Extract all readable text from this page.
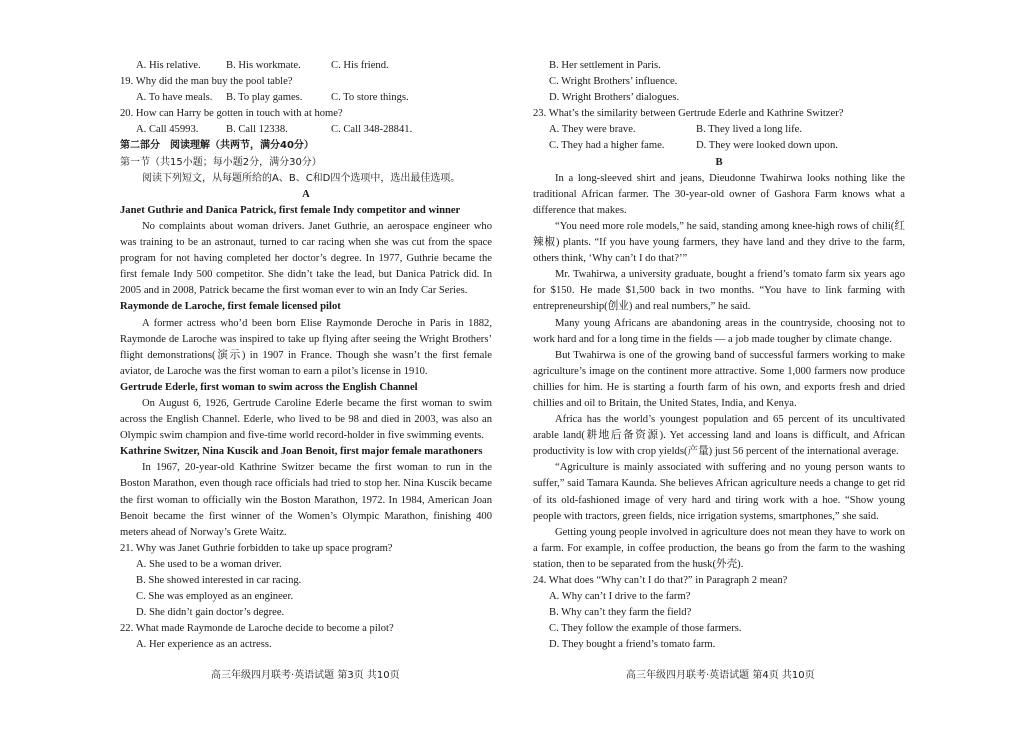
A. His relative.	B. His workmate.	C. His friend.
19. Why did the man buy the pool table?
A. To have meals.	B. To play games.	C. To store things.
20. How can Harry be gotten in touch with at home?
A. Call 45993.	B. Call 12338.	C. Call 348-28841.
第二部分　阅读理解（共两节，满分40分）
第一节（共15小题；每小题2分，满分30分）
阅读下列短文，从每题所给的A、B、C和D四个选项中，选出最佳选项。
A
Janet Guthrie and Danica Patrick, first female Indy competitor and winner

No complaints about woman drivers. Janet Guthrie, an aerospace engineer who was training to be an astronaut, turned to car racing when she was cut from the space program for not having completed her doctor’s degree. In 1977, Guthrie became the first female Indy 500 competitor. She didn’t take the lead, but Danica Patrick did. In 2005 and in 2008, Patrick became the first woman ever to win an Indy Car Series.

Raymonde de Laroche, first female licensed pilot

A former actress who’d been born Elise Raymonde Deroche in Paris in 1882, Raymonde de Laroche was inspired to take up flying after seeing the Wright Brothers’ flight demonstrations(演示) in 1907 in France. Though she wasn’t the first female aviator, de Laroche was the first woman to earn a pilot’s license in 1910.

Gertrude Ederle, first woman to swim across the English Channel

On August 6, 1926, Gertrude Caroline Ederle became the first woman to swim across the English Channel. Ederle, who lived to be 98 and died in 2003, was also an Olympic swim champion and five-time world record-holder in five swimming events.

Kathrine Switzer, Nina Kuscik and Joan Benoit, first major female marathoners

In 1967, 20-year-old Kathrine Switzer became the first woman to run in the Boston Marathon, even though race officials had tried to stop her. Nina Kuscik became the first woman to officially win the Boston Marathon, 1972. In 1984, American Joan Benoit became the first winner of the Women’s Olympic Marathon, finishing 400 meters ahead of Norway’s Grete Waitz.

21. Why was Janet Guthrie forbidden to take up space program?
A. She used to be a woman driver.
B. She showed interested in car racing.
C. She was employed as an engineer.
D. She didn’t gain doctor’s degree.
22. What made Raymonde de Laroche decide to become a pilot?
A. Her experience as an actress.
B. Her settlement in Paris.
C. Wright Brothers’ influence.
D. Wright Brothers’ dialogues.
23. What’s the similarity between Gertrude Ederle and Kathrine Switzer?
A. They were brave.	B. They lived a long life.
C. They had a higher fame.	D. They were looked down upon.
B

In a long-sleeved shirt and jeans, Dieudonne Twahirwa looks nothing like the traditional African farmer. The 30-year-old owner of Gashora Farm knows what a difference that makes.

“You need more role models,” he said, standing among knee-high rows of chili(红辣椒) plants. “If you have young farmers, they have land and they drive to the farm, others think, ‘Why can’t I do that?’”

Mr. Twahirwa, a university graduate, bought a friend’s tomato farm six years ago for $150. He made $1,500 back in two months. “You have to link farming with entrepreneurship(创业) and real numbers,” he said.

Many young Africans are abandoning areas in the countryside, choosing not to work hard and for a long time in the fields — a job made tougher by climate change.

But Twahirwa is one of the growing band of successful farmers working to make agriculture’s image on the continent more attractive. Some 1,000 farmers now produce chillies for him. He is starting a fourth farm of his own, and exports fresh and dried chillies and oil to Britain, the United States, India, and Kenya.

Africa has the world’s youngest population and 65 percent of its uncultivated arable land(耕地后备资源). Yet accessing land and loans is difficult, and African productivity is low with crop yields(产量) just 56 percent of the international average.

“Agriculture is mainly associated with suffering and no young person wants to suffer,” said Tamara Kaunda. She believes African agriculture needs a change to get rid of its old-fashioned image of very hard and tiring work with a hoe. “Show young people with tractors, green fields, nice irrigation systems, smartphones,” she said.

Getting young people involved in agriculture does not mean they have to work on a farm. For example, in coffee production, the beans go from the farm to the washing station, then to be separated from the husk(外壳).

24. What does “Why can’t I do that?” in Paragraph 2 mean?
A. Why can’t I drive to the farm?
B. Why can’t they farm the field?
C. They follow the example of those farmers.
D. They bought a friend’s tomato farm.
高三年级四月联考·英语试题 第3页 共10页	高三年级四月联考·英语试题 第4页 共10页
